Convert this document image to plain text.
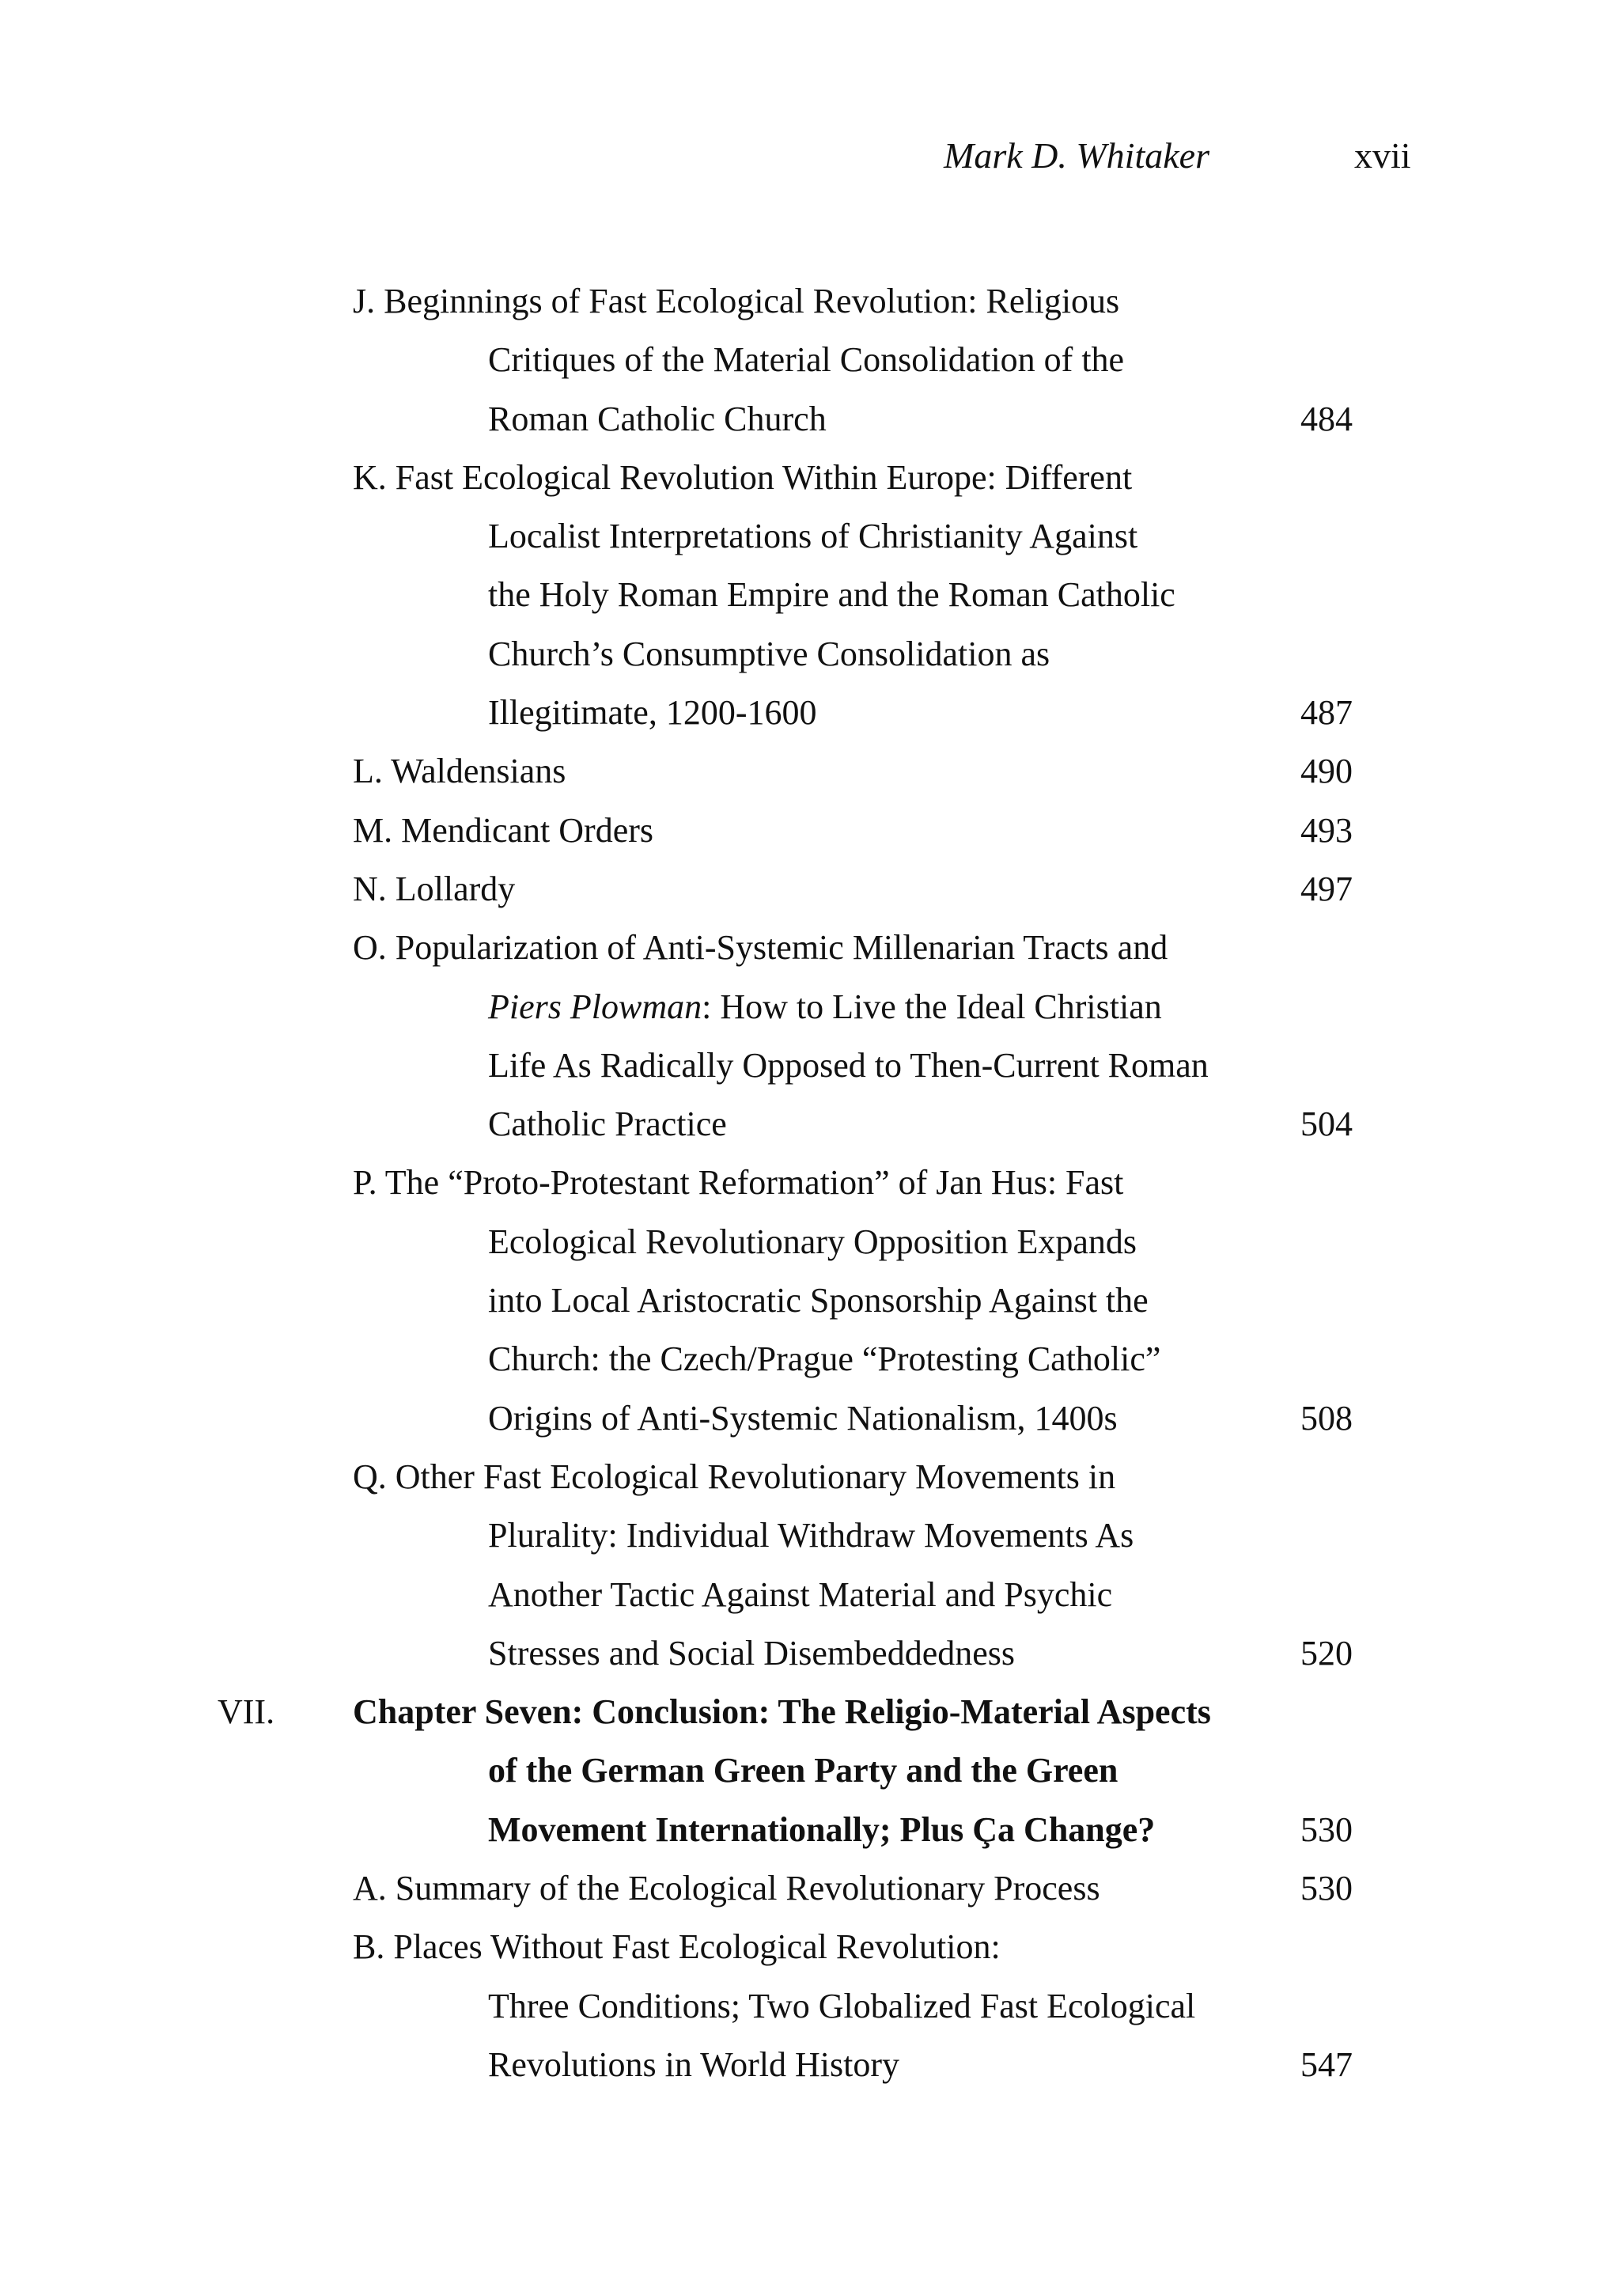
Mark D. Whitaker	xvii
J. Beginnings of Fast Ecological Revolution: Religious
Critiques of the Material Consolidation of the
Roman Catholic Church	484
K. Fast Ecological Revolution Within Europe: Different
Localist Interpretations of Christianity Against
the Holy Roman Empire and the Roman Catholic
Church’s Consumptive Consolidation as
Illegitimate, 1200-1600	487
L. Waldensians	490
M. Mendicant Orders	493
N. Lollardy	497
O. Popularization of Anti-Systemic Millenarian Tracts and
Piers Plowman: How to Live the Ideal Christian
Life As Radically Opposed to Then-Current Roman
Catholic Practice	504
P. The “Proto-Protestant Reformation” of Jan Hus: Fast
Ecological Revolutionary Opposition Expands
into Local Aristocratic Sponsorship Against the
Church: the Czech/Prague “Protesting Catholic”
Origins of Anti-Systemic Nationalism, 1400s	508
Q. Other Fast Ecological Revolutionary Movements in
Plurality: Individual Withdraw Movements As
Another Tactic Against Material and Psychic
Stresses and Social Disembeddedness	520
VII. Chapter Seven: Conclusion: The Religio-Material Aspects
of the German Green Party and the Green
Movement Internationally; Plus Ça Change?	530
A. Summary of the Ecological Revolutionary Process	530
B. Places Without Fast Ecological Revolution:
Three Conditions; Two Globalized Fast Ecological
Revolutions in World History	547
